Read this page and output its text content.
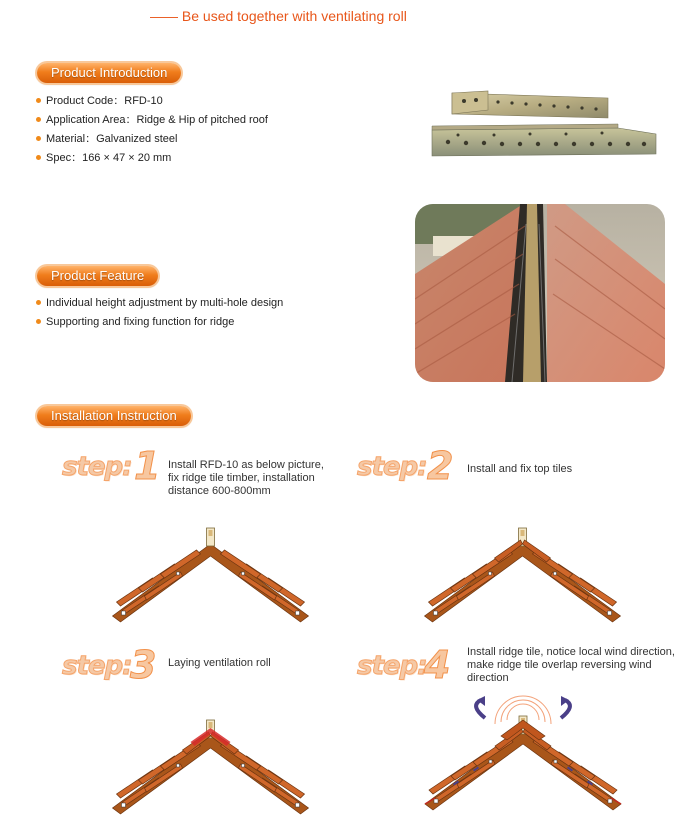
—— Be used together with ventilating roll
Product Introduction
Product Code：RFD-10
Application Area：Ridge & Hip of pitched roof
Material：Galvanized steel
Spec：166 × 47 × 20 mm
Product Feature
Individual height adjustment by multi-hole design
Supporting and fixing function for ridge
Installation Instruction
step: 1 Install RFD-10 as below picture, fix ridge tile timber, installation distance 600-800mm
step: 2 Install and fix top tiles
step:
3 Laying ventilation roll	step:
4 Install ridge tile, notice local wind direction, make ridge tile overlap reversing wind direction
